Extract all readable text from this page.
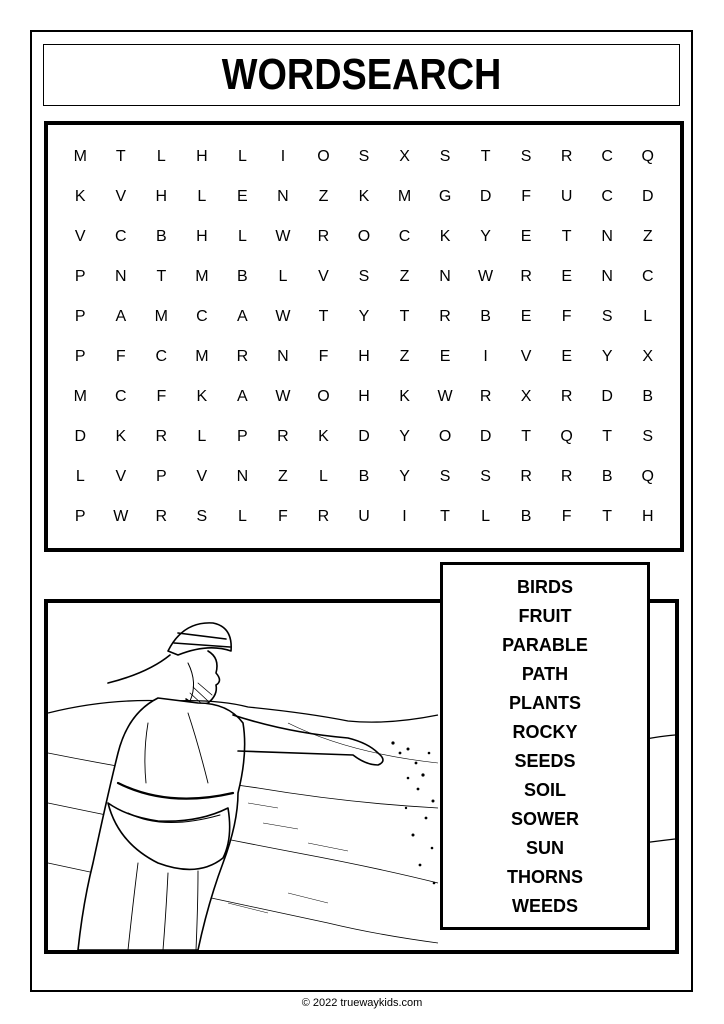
WORDSEARCH
M	T	L	H	L	I	O	S	X	S	T	S	R	C	Q
K	V	H	L	E	N	Z	K	M	G	D	F	U	C	D
V	C	B	H	L	W	R	O	C	K	Y	E	T	N	Z
P	N	T	M	B	L	V	S	Z	N	W	R	E	N	C
P	A	M	C	A	W	T	Y	T	R	B	E	F	S	L
P	F	C	M	R	N	F	H	Z	E	I	V	E	Y	X
M	C	F	K	A	W	O	H	K	W	R	X	R	D	B
D	K	R	L	P	R	K	D	Y	O	D	T	Q	T	S
L	V	P	V	N	Z	L	B	Y	S	S	R	R	B	Q
P	W	R	S	L	F	R	U	I	T	L	B	F	T	H
BIRDS
FRUIT
PARABLE
PATH
PLANTS
ROCKY
SEEDS
SOIL
SOWER
SUN
THORNS
WEEDS
© 2022 truewaykids.com
